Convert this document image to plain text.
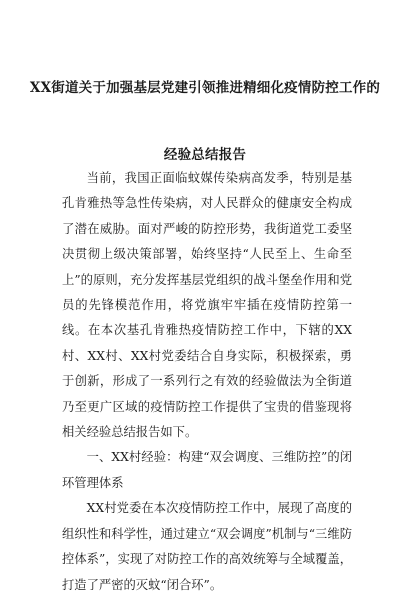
XX街道关于加强基层党建引领推进精细化疫情防控工作的
经验总结报告

当前，我国正面临蚊媒传染病高发季，特别是基孔肯雅热等急性传染病，对人民群众的健康安全构成了潜在威胁。面对严峻的防控形势，我街道党工委坚决贯彻上级决策部署，始终坚持“人民至上、生命至上”的原则，充分发挥基层党组织的战斗堡垒作用和党员的先锋模范作用，将党旗牢牢插在疫情防控第一线。在本次基孔肯雅热疫情防控工作中，下辖的XX村、XX村、XX村党委结合自身实际，积极探索，勇于创新，形成了一系列行之有效的经验做法为全街道乃至更广区域的疫情防控工作提供了宝贵的借鉴现将相关经验总结报告如下。

一、XX村经验：构建“双会调度、三维防控”的闭环管理体系

XX村党委在本次疫情防控工作中，展现了高度的组织性和科学性，通过建立“双会调度”机制与“三维防控体系”，实现了对防控工作的高效统筹与全域覆盖，打造了严密的灭蚊“闭合环”。
